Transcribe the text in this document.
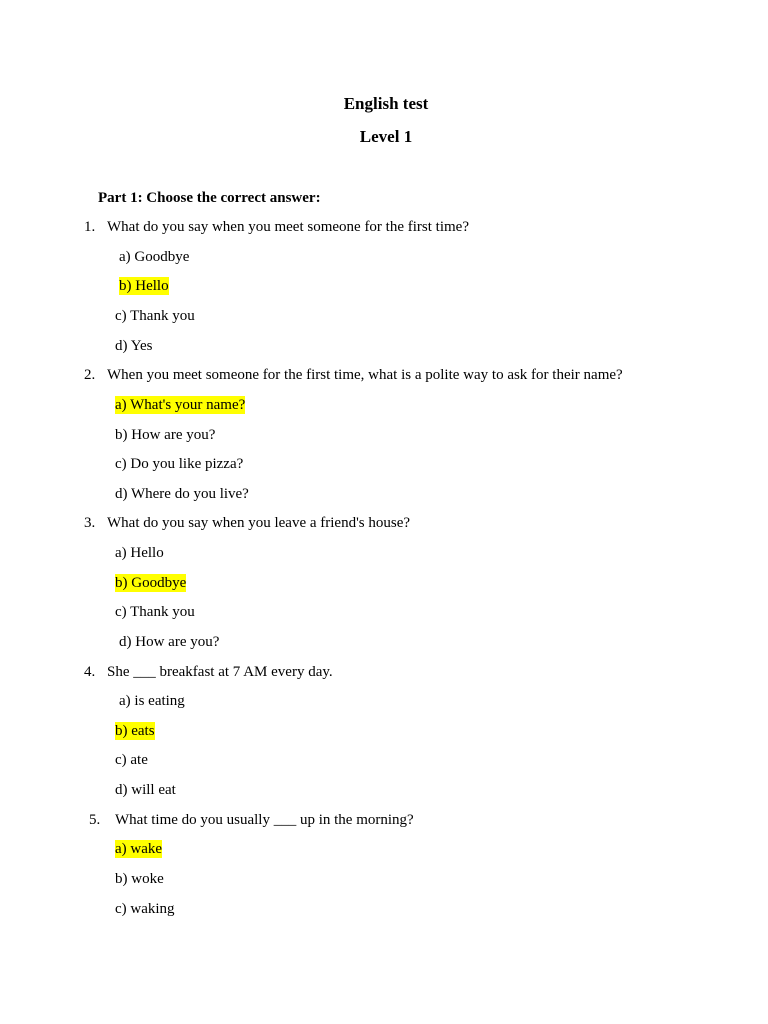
English test
Level 1
Part 1: Choose the correct answer:
1. What do you say when you meet someone for the first time?
a) Goodbye
b) Hello
c) Thank you
d) Yes
2. When you meet someone for the first time, what is a polite way to ask for their name?
a) What's your name?
b) How are you?
c) Do you like pizza?
d) Where do you live?
3. What do you say when you leave a friend's house?
a) Hello
b) Goodbye
c) Thank you
d) How are you?
4. She ___ breakfast at 7 AM every day.
a) is eating
b) eats
c) ate
d) will eat
5. What time do you usually ___ up in the morning?
a) wake
b) woke
c) waking
